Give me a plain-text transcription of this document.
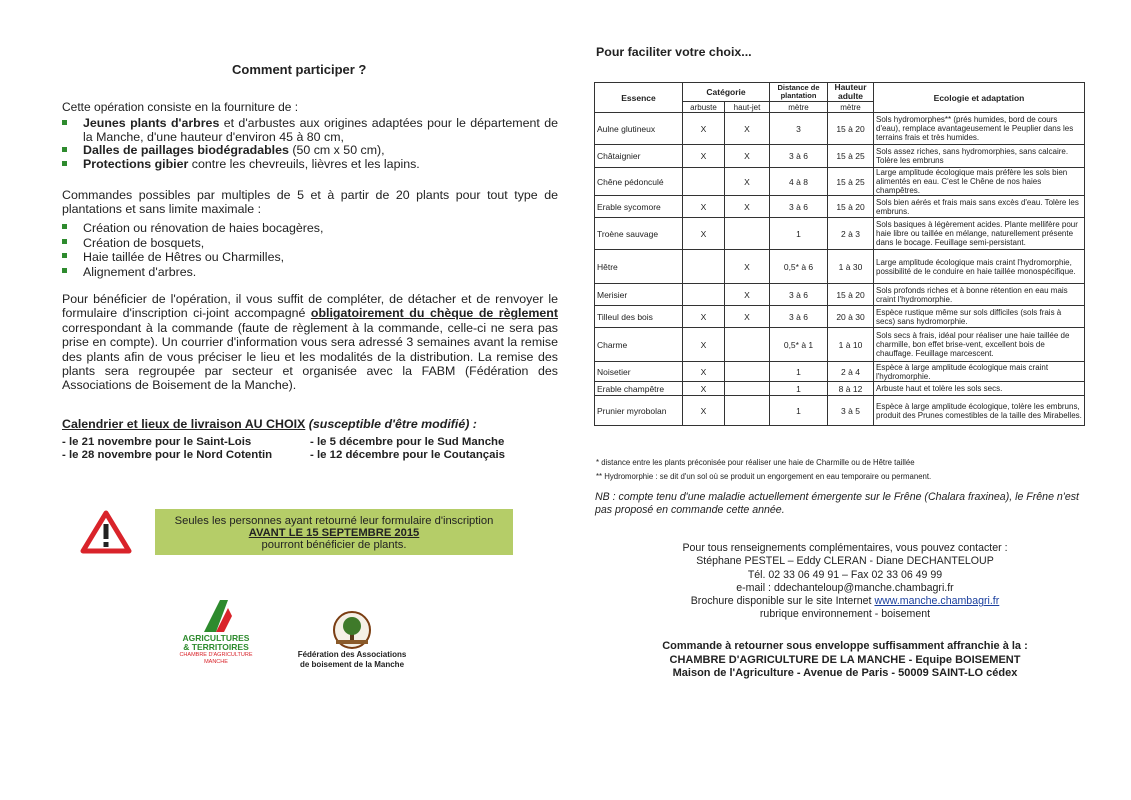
Comment participer ?
Cette opération consiste en la fourniture de :
Jeunes plants d'arbres et d'arbustes aux origines adaptées pour le département de la Manche, d'une hauteur d'environ 45 à 80 cm,
Dalles de paillages biodégradables (50 cm x 50 cm),
Protections gibier contre les chevreuils, lièvres et les lapins.
Commandes possibles par multiples de 5 et à partir de 20 plants pour tout type de plantations et sans limite maximale :
Création ou rénovation de haies bocagères,
Création de bosquets,
Haie taillée de Hêtres ou Charmilles,
Alignement d'arbres.
Pour bénéficier de l'opération, il vous suffit de compléter, de détacher et de renvoyer le formulaire d'inscription ci-joint accompagné obligatoirement du chèque de règlement correspondant à la commande (faute de règlement à la commande, celle-ci ne sera pas prise en compte). Un courrier d'information vous sera adressé 3 semaines avant la remise des plants afin de vous préciser le lieu et les modalités de la distribution. La remise des plants sera regroupée par secteur et organisée avec la FABM (Fédération des Associations de Boisement de la Manche).
Calendrier et lieux de livraison AU CHOIX (susceptible d'être modifié) :
- le 21 novembre pour le Saint-Lois	- le 5 décembre pour le Sud Manche
- le 28 novembre pour le Nord Cotentin	- le 12 décembre pour le Coutançais
Seules les personnes ayant retourné leur formulaire d'inscription
AVANT LE 15 SEPTEMBRE 2015
pourront bénéficier de plants.
AGRICULTURES
& TERRITOIRES
CHAMBRE D'AGRICULTURE
MANCHE
Fédération des Associations
de boisement de la Manche
Pour faciliter votre choix...
Essence	Catégorie		Distance de plantation	Hauteur adulte	Ecologie et adaptation
	arbuste	haut-jet	mètre	mètre	
Aulne glutineux	X	X	3	15 à 20	Sols hydromorphes** (prés humides, bord de cours d'eau), remplace avantageusement le Peuplier dans les terrains frais et très humides.
Châtaignier	X	X	3 à 6	15 à 25	Sols assez riches, sans hydromorphies, sans calcaire. Tolère les embruns
Chêne pédonculé		X	4 à 8	15 à 25	Large amplitude écologique mais préfère les sols bien alimentés en eau. C'est le Chêne de nos haies champêtres.
Erable sycomore	X	X	3 à 6	15 à 20	Sols bien aérés et frais mais sans excès d'eau. Tolère les embruns.
Troène sauvage	X		1	2 à 3	Sols basiques à légèrement acides. Plante mellifère pour haie libre ou taillée en mélange, naturellement présente dans le bocage. Feuillage semi-persistant.
Hêtre		X	0,5* à 6	1 à 30	Large amplitude écologique mais craint l'hydromorphie, possibilité de le conduire en haie taillée monospécifique.
Merisier		X	3 à 6	15 à 20	Sols profonds riches et à bonne rétention en eau mais craint l'hydromorphie.
Tilleul des bois	X	X	3 à 6	20 à 30	Espèce rustique même sur sols difficiles (sols frais à secs) sans hydromorphie.
Charme	X		0,5* à 1	1 à 10	Sols secs à frais, idéal pour réaliser une haie taillée de charmille, bon effet brise-vent, excellent bois de chauffage. Feuillage marcescent.
Noisetier	X		1	2 à 4	Espèce à large amplitude écologique mais craint l'hydromorphie.
Erable champêtre	X		1	8 à 12	Arbuste haut et tolère les sols secs.
Prunier myrobolan	X		1	3 à 5	Espèce à large amplitude écologique, tolère les embruns, produit des Prunes comestibles de la taille des Mirabelles.
* distance entre les plants préconisée pour réaliser une haie de Charmille ou de Hêtre taillée
** Hydromorphie : se dit d'un sol où se produit un engorgement en eau temporaire ou permanent.
NB : compte tenu d'une maladie actuellement émergente sur le Frêne (Chalara fraxinea), le Frêne n'est pas proposé en commande cette année.
Pour tous renseignements complémentaires, vous pouvez contacter :
Stéphane PESTEL – Eddy CLERAN - Diane DECHANTELOUP
Tél. 02 33 06 49 91 – Fax 02 33 06 49 99
e-mail : ddechanteloup@manche.chambagri.fr
Brochure disponible sur le site Internet www.manche.chambagri.fr
rubrique environnement - boisement
Commande à retourner sous enveloppe suffisamment affranchie à la :
CHAMBRE D'AGRICULTURE DE LA MANCHE - Equipe BOISEMENT
Maison de l'Agriculture - Avenue de Paris - 50009 SAINT-LO cédex
